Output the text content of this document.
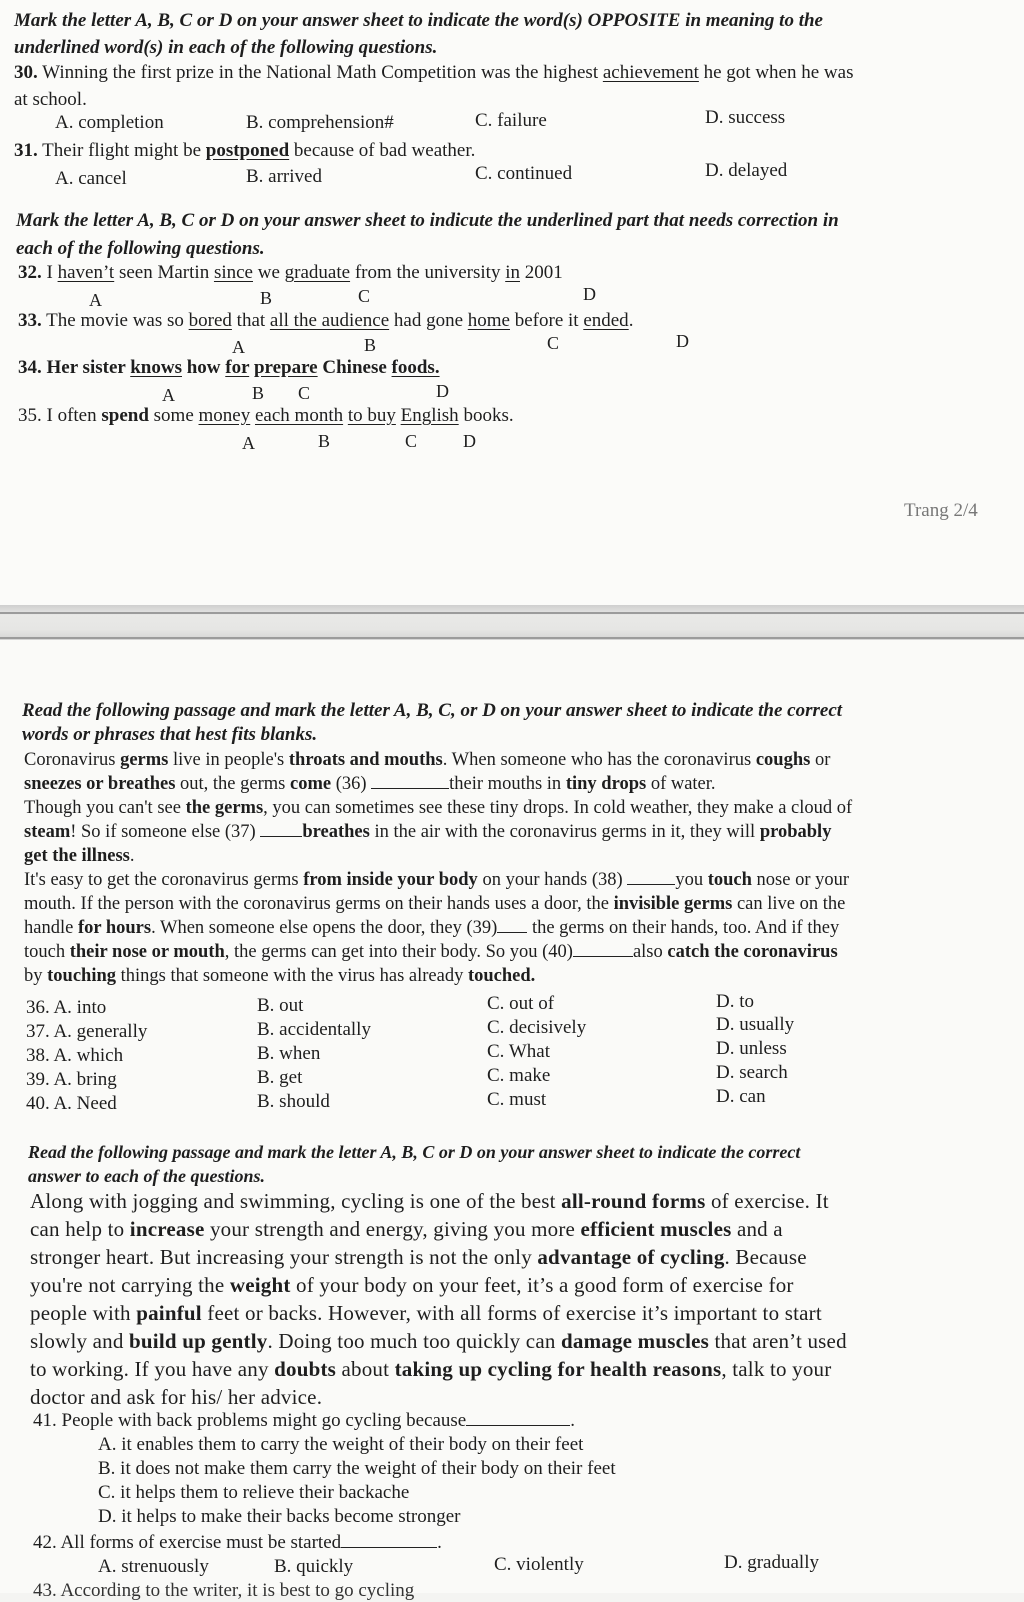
Mark the letter A, B, C or D on your answer sheet to indicate the word(s) OPPOSITE in meaning to the
underlined word(s) in each of the following questions.
30. Winning the first prize in the National Math Competition was the highest achievement he got when he was
at school.
A. completion	B. comprehension#	C. failure	D. success
31. Their flight might be postponed because of bad weather.
A. cancel	B. arrived	C. continued	D. delayed
Mark the letter A, B, C or D on your answer sheet to indicute the underlined part that needs correction in
each of the following questions.
32. I haven’t seen Martin since we graduate from the university in 2001
A	B	C	D
33. The movie was so bored that all the audience had gone home before it ended.
A	B	C	D
34. Her sister knows how for prepare Chinese foods.
A	B C	D
35. I often spend some money each month to buy English books.
A	B	C	D
Trang 2/4
Read the following passage and mark the letter A, B, C, or D on your answer sheet to indicate the correct
words or phrases that hest fits blanks.
Coronavirus germs live in people's throats and mouths. When someone who has the coronavirus coughs or
sneezes or breathes out, the germs come (36)	their mouths in tiny drops of water.
Though you can't see the germs, you can sometimes see these tiny drops. In cold weather, they make a cloud of
steam! So if someone else (37)	breathes in the air with the coronavirus germs in it, they will probably
get the illness.
It's easy to get the coronavirus germs from inside your body on your hands (38)	you touch nose or your
mouth. If the person with the coronavirus germs on their hands uses a door, the invisible germs can live on the
handle for hours. When someone else opens the door, they (39) the germs on their hands, too. And if they
touch their nose or mouth, the germs can get into their body. So you (40)	also catch the coronavirus
by touching things that someone with the virus has already touched.
36. A. into	B. out	C. out of	D. to
37. A. generally	B. accidentally	C. decisively	D. usually
38. A. which	B. when	C. What	D. unless
39. A. bring	B. get	C. make	D. search
40. A. Need	B. should	C. must	D. can
Read the following passage and mark the letter A, B, C or D on your answer sheet to indicate the correct
answer to each of the questions.
Along with jogging and swimming, cycling is one of the best all-round forms of exercise. It
can help to increase your strength and energy, giving you more efficient muscles and a
stronger heart. But increasing your strength is not the only advantage of cycling. Because
you're not carrying the weight of your body on your feet, it’s a good form of exercise for
people with painful feet or backs. However, with all forms of exercise it’s important to start
slowly and build up gently. Doing too much too quickly can damage muscles that aren’t used
to working. If you have any doubts about taking up cycling for health reasons, talk to your
doctor and ask for his/ her advice.
41. People with back problems might go cycling because	.
A. it enables them to carry the weight of their body on their feet
B. it does not make them carry the weight of their body on their feet
C. it helps them to relieve their backache
D. it helps to make their backs become stronger
42. All forms of exercise must be started	.
A. strenuously	B. quickly	C. violently	D. gradually
43. According to the writer, it is best to go cycling
